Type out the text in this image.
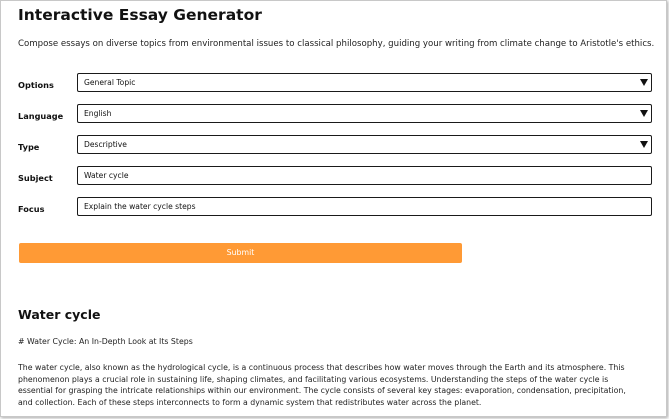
Interactive Essay Generator
Compose essays on diverse topics from environmental issues to classical philosophy, guiding your writing from climate change to Aristotle's ethics.
Options	General Topic
Language	English
Type	Descriptive
Subject	Water cycle
Focus	Explain the water cycle steps
Submit
Water cycle
# Water Cycle: An In-Depth Look at Its Steps
The water cycle, also known as the hydrological cycle, is a continuous process that describes how water moves through the Earth and its atmosphere. This
phenomenon plays a crucial role in sustaining life, shaping climates, and facilitating various ecosystems. Understanding the steps of the water cycle is
essential for grasping the intricate relationships within our environment. The cycle consists of several key stages: evaporation, condensation, precipitation,
and collection. Each of these steps interconnects to form a dynamic system that redistributes water across the planet.
